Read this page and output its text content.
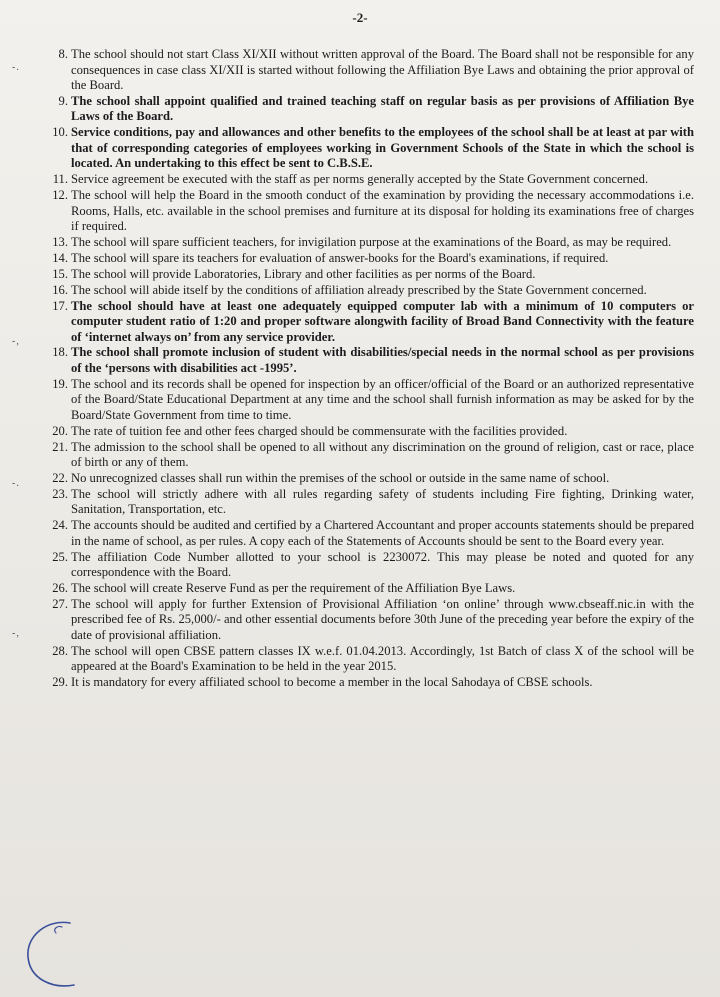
-2-
-.
-,
-.
-,
8. The school should not start Class XI/XII without written approval of the Board. The Board shall not be responsible for any consequences in case class XI/XII is started without following the Affiliation Bye Laws and obtaining the prior approval of the Board.
9. The school shall appoint qualified and trained teaching staff on regular basis as per provisions of Affiliation Bye Laws of the Board.
10. Service conditions, pay and allowances and other benefits to the employees of the school shall be at least at par with that of corresponding categories of employees working in Government Schools of the State in which the school is located. An undertaking to this effect be sent to C.B.S.E.
11. Service agreement be executed with the staff as per norms generally accepted by the State Government concerned.
12. The school will help the Board in the smooth conduct of the examination by providing the necessary accommodations i.e. Rooms, Halls, etc. available in the school premises and furniture at its disposal for holding its examinations free of charges if required.
13. The school will spare sufficient teachers, for invigilation purpose at the examinations of the Board, as may be required.
14. The school will spare its teachers for evaluation of answer-books for the Board's examinations, if required.
15. The school will provide Laboratories, Library and other facilities as per norms of the Board.
16. The school will abide itself by the conditions of affiliation already prescribed by the State Government concerned.
17. The school should have at least one adequately equipped computer lab with a minimum of 10 computers or computer student ratio of 1:20 and proper software alongwith facility of Broad Band Connectivity with the feature of ‘internet always on’ from any service provider.
18. The school shall promote inclusion of student with disabilities/special needs in the normal school as per provisions of the ‘persons with disabilities act -1995’.
19. The school and its records shall be opened for inspection by an officer/official of the Board or an authorized representative of the Board/State Educational Department at any time and the school shall furnish information as may be asked for by the Board/State Government from time to time.
20. The rate of tuition fee and other fees charged should be commensurate with the facilities provided.
21. The admission to the school shall be opened to all without any discrimination on the ground of religion, cast or race, place of birth or any of them.
22. No unrecognized classes shall run within the premises of the school or outside in the same name of school.
23. The school will strictly adhere with all rules regarding safety of students including Fire fighting, Drinking water, Sanitation, Transportation, etc.
24. The accounts should be audited and certified by a Chartered Accountant and proper accounts statements should be prepared in the name of school, as per rules. A copy each of the Statements of Accounts should be sent to the Board every year.
25. The affiliation Code Number allotted to your school is 2230072. This may please be noted and quoted for any correspondence with the Board.
26. The school will create Reserve Fund as per the requirement of the Affiliation Bye Laws.
27. The school will apply for further Extension of Provisional Affiliation ‘on online’ through www.cbseaff.nic.in with the prescribed fee of Rs. 25,000/- and other essential documents before 30th June of the preceding year before the expiry of the date of provisional affiliation.
28. The school will open CBSE pattern classes IX w.e.f. 01.04.2013. Accordingly, 1st Batch of class X of the school will be appeared at the Board's Examination to be held in the year 2015.
29. It is mandatory for every affiliated school to become a member in the local Sahodaya of CBSE schools.
